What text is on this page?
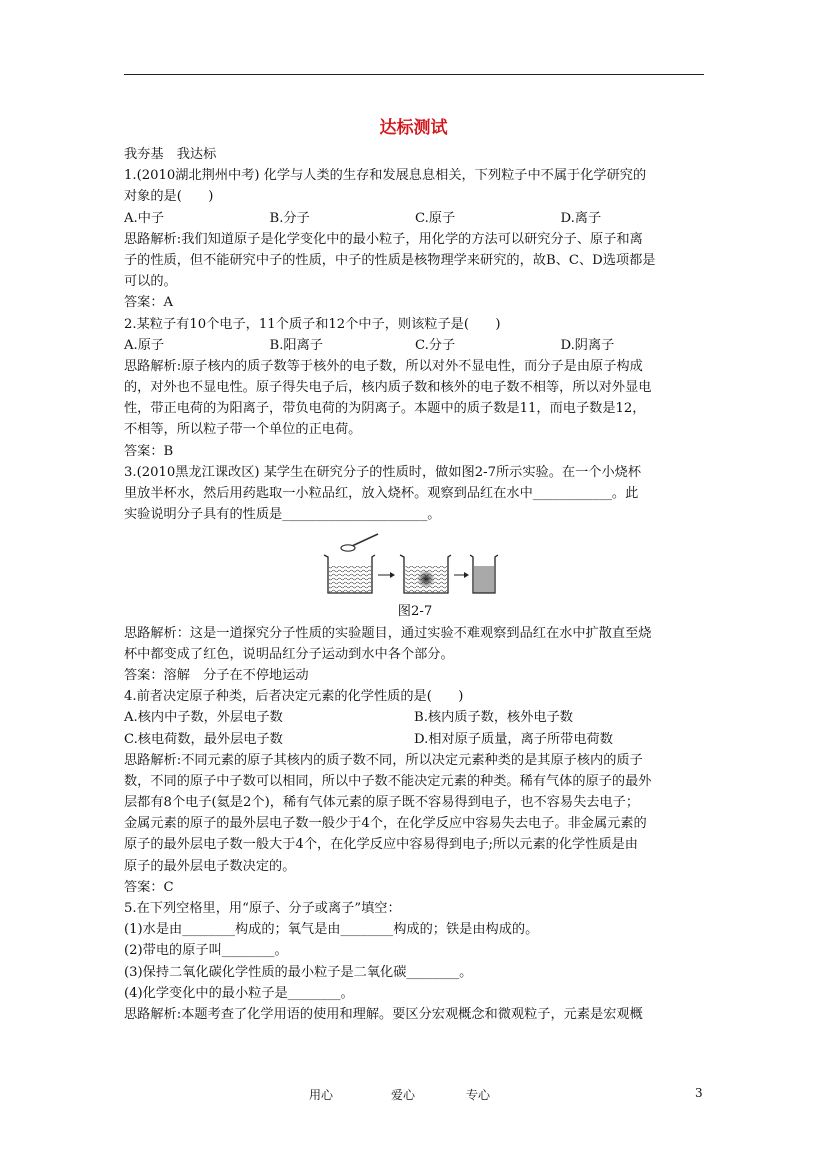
达标测试
我夯基　我达标
1.(2010湖北荆州中考) 化学与人类的生存和发展息息相关，下列粒子中不属于化学研究的
对象的是(　　)
A.中子	B.分子	C.原子	D.离子
思路解析:我们知道原子是化学变化中的最小粒子，用化学的方法可以研究分子、原子和离
子的性质，但不能研究中子的性质，中子的性质是核物理学来研究的，故B、C、D选项都是
可以的。
答案：A
2.某粒子有10个电子，11个质子和12个中子，则该粒子是(　　)
A.原子	B.阳离子	C.分子	D.阴离子
思路解析:原子核内的质子数等于核外的电子数，所以对外不显电性，而分子是由原子构成
的，对外也不显电性。原子得失电子后，核内质子数和核外的电子数不相等，所以对外显电
性，带正电荷的为阳离子，带负电荷的为阴离子。本题中的质子数是11，而电子数是12，
不相等，所以粒子带一个单位的正电荷。
答案：B
3.(2010黑龙江课改区) 某学生在研究分子的性质时，做如图2-7所示实验。在一个小烧杯
里放半杯水，然后用药匙取一小粒品红，放入烧杯。观察到品红在水中____________。此
实验说明分子具有的性质是______________________。
图2-7
思路解析：这是一道探究分子性质的实验题目，通过实验不难观察到品红在水中扩散直至烧
杯中都变成了红色，说明品红分子运动到水中各个部分。
答案：溶解　分子在不停地运动
4.前者决定原子种类，后者决定元素的化学性质的是(　　)
A.核内中子数，外层电子数	B.核内质子数，核外电子数
C.核电荷数，最外层电子数	D.相对原子质量，离子所带电荷数
思路解析:不同元素的原子其核内的质子数不同，所以决定元素种类的是其原子核内的质子
数，不同的原子中子数可以相同，所以中子数不能决定元素的种类。稀有气体的原子的最外
层都有8个电子(氦是2个)，稀有气体元素的原子既不容易得到电子，也不容易失去电子；
金属元素的原子的最外层电子数一般少于4个，在化学反应中容易失去电子。非金属元素的
原子的最外层电子数一般大于4个，在化学反应中容易得到电子;所以元素的化学性质是由
原子的最外层电子数决定的。
答案：C
5.在下列空格里，用“原子、分子或离子”填空：
(1)水是由________构成的；氧气是由________构成的；铁是由构成的。
(2)带电的原子叫________。
(3)保持二氧化碳化学性质的最小粒子是二氧化碳________。
(4)化学变化中的最小粒子是________。
思路解析:本题考查了化学用语的使用和理解。要区分宏观概念和微观粒子，元素是宏观概
用心	爱心	专心	3
